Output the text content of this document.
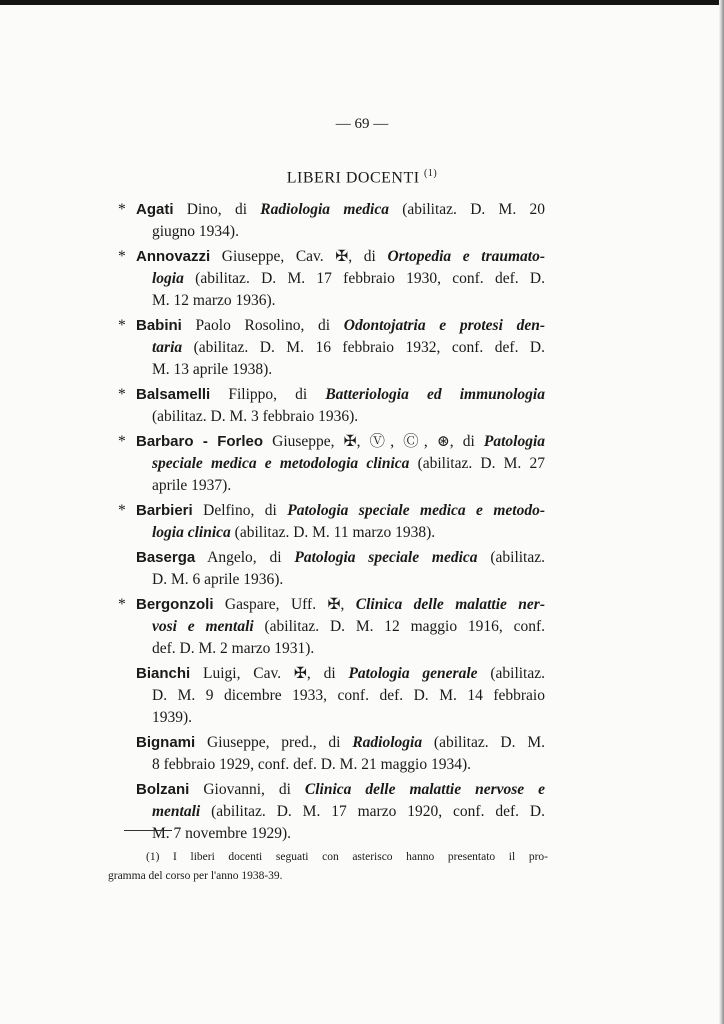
— 69 —
LIBERI DOCENTI $^{(1)}$
* Agati Dino, di Radiologia medica (abilitaz. D. M. 20
giugno 1934).
* Annovazzi Giuseppe, Cav. ✠, di Ortopedia e traumato-
logia (abilitaz. D. M. 17 febbraio 1930, conf. def. D.
M. 12 marzo 1936).
* Babini Paolo Rosolino, di Odontojatria e protesi den-
taria (abilitaz. D. M. 16 febbraio 1932, conf. def. D.
M. 13 aprile 1938).
* Balsamelli Filippo, di Batteriologia ed immunologia
(abilitaz. D. M. 3 febbraio 1936).
* Barbaro - Forleo Giuseppe, ✠, Ⓥ, Ⓒ, ⊛, di Patologia
speciale medica e metodologia clinica (abilitaz. D. M. 27
aprile 1937).
* Barbieri Delfino, di Patologia speciale medica e metodo-
logia clinica (abilitaz. D. M. 11 marzo 1938).
Baserga Angelo, di Patologia speciale medica (abilitaz.
D. M. 6 aprile 1936).
* Bergonzoli Gaspare, Uff. ✠, Clinica delle malattie ner-
vosi e mentali (abilitaz. D. M. 12 maggio 1916, conf.
def. D. M. 2 marzo 1931).
Bianchi Luigi, Cav. ✠, di Patologia generale (abilitaz.
D. M. 9 dicembre 1933, conf. def. D. M. 14 febbraio
1939).
Bignami Giuseppe, pred., di Radiologia (abilitaz. D. M.
8 febbraio 1929, conf. def. D. M. 21 maggio 1934).
Bolzani Giovanni, di Clinica delle malattie nervose e
mentali (abilitaz. D. M. 17 marzo 1920, conf. def. D.
M. 7 novembre 1929).
(1) I liberi docenti seguati con asterisco hanno presentato il pro-
gramma del corso per l'anno 1938-39.
